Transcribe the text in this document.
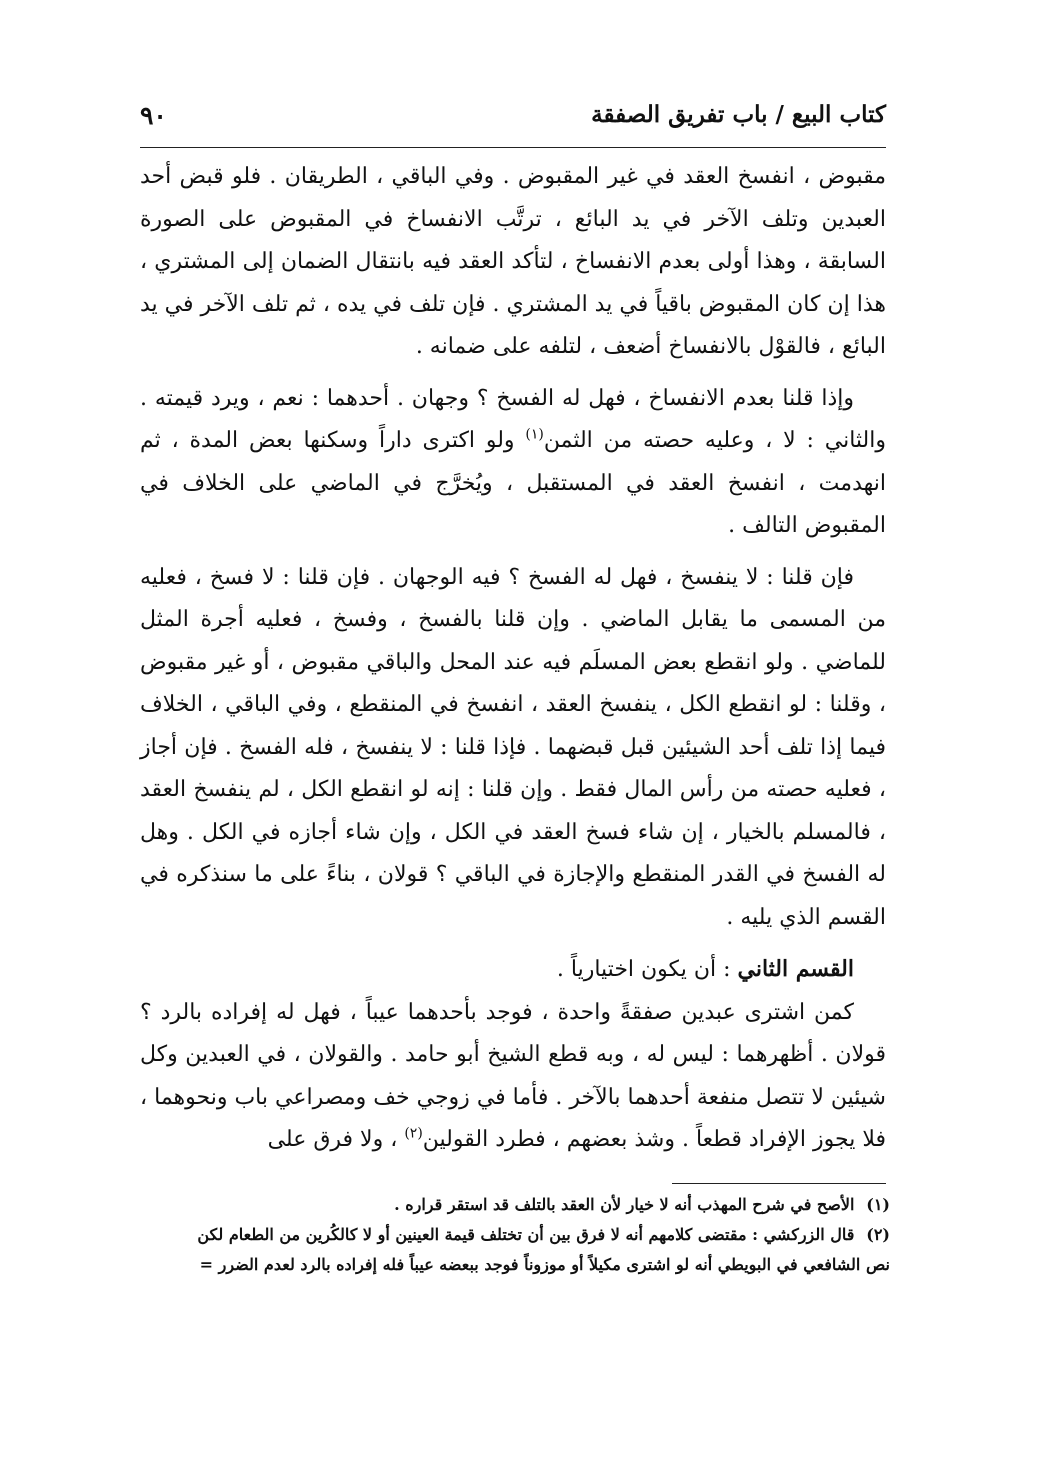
كتاب البيع / باب تفريق الصفقة
٩٠

مقبوض ، انفسخ العقد في غير المقبوض . وفي الباقي ، الطريقان . فلو قبض أحد العبدين وتلف الآخر في يد البائع ، ترتَّب الانفساخ في المقبوض على الصورة السابقة ، وهذا أولى بعدم الانفساخ ، لتأكد العقد فيه بانتقال الضمان إلى المشتري ، هذا إن كان المقبوض باقياً في يد المشتري . فإن تلف في يده ، ثم تلف الآخر في يد البائع ، فالقوْل بالانفساخ أضعف ، لتلفه على ضمانه .

وإذا قلنا بعدم الانفساخ ، فهل له الفسخ ؟ وجهان . أحدهما : نعم ، ويرد قيمته . والثاني : لا ، وعليه حصته من الثمن$^{(١)}$ ولو اكترى داراً وسكنها بعض المدة ، ثم انهدمت ، انفسخ العقد في المستقبل ، ويُخرَّج في الماضي على الخلاف في المقبوض التالف .

فإن قلنا : لا ينفسخ ، فهل له الفسخ ؟ فيه الوجهان . فإن قلنا : لا فسخ ، فعليه من المسمى ما يقابل الماضي . وإن قلنا بالفسخ ، وفسخ ، فعليه أجرة المثل للماضي . ولو انقطع بعض المسلَم فيه عند المحل والباقي مقبوض ، أو غير مقبوض ، وقلنا : لو انقطع الكل ، ينفسخ العقد ، انفسخ في المنقطع ، وفي الباقي ، الخلاف فيما إذا تلف أحد الشيئين قبل قبضهما . فإذا قلنا : لا ينفسخ ، فله الفسخ . فإن أجاز ، فعليه حصته من رأس المال فقط . وإن قلنا : إنه لو انقطع الكل ، لم ينفسخ العقد ، فالمسلم بالخيار ، إن شاء فسخ العقد في الكل ، وإن شاء أجازه في الكل . وهل له الفسخ في القدر المنقطع والإجازة في الباقي ؟ قولان ، بناءً على ما سنذكره في القسم الذي يليه .

القسم الثاني : أن يكون اختيارياً .

كمن اشترى عبدين صفقةً واحدة ، فوجد بأحدهما عيباً ، فهل له إفراده بالرد ؟ قولان . أظهرهما : ليس له ، وبه قطع الشيخ أبو حامد . والقولان ، في العبدين وكل شيئين لا تتصل منفعة أحدهما بالآخر . فأما في زوجي خف ومصراعي باب ونحوهما ، فلا يجوز الإفراد قطعاً . وشذ بعضهم ، فطرد القولين$^{(٢)}$ ، ولا فرق على

(١) الأصح في شرح المهذب أنه لا خيار لأن العقد بالتلف قد استقر قراره .

(٢) قال الزركشي : مقتضى كلامهم أنه لا فرق بين أن تختلف قيمة العينين أو لا كالكُرين من الطعام لكن

نص الشافعي في البويطي أنه لو اشترى مكيلاً أو موزوناً فوجد ببعضه عيباً فله إفراده بالرد لعدم الضرر =
